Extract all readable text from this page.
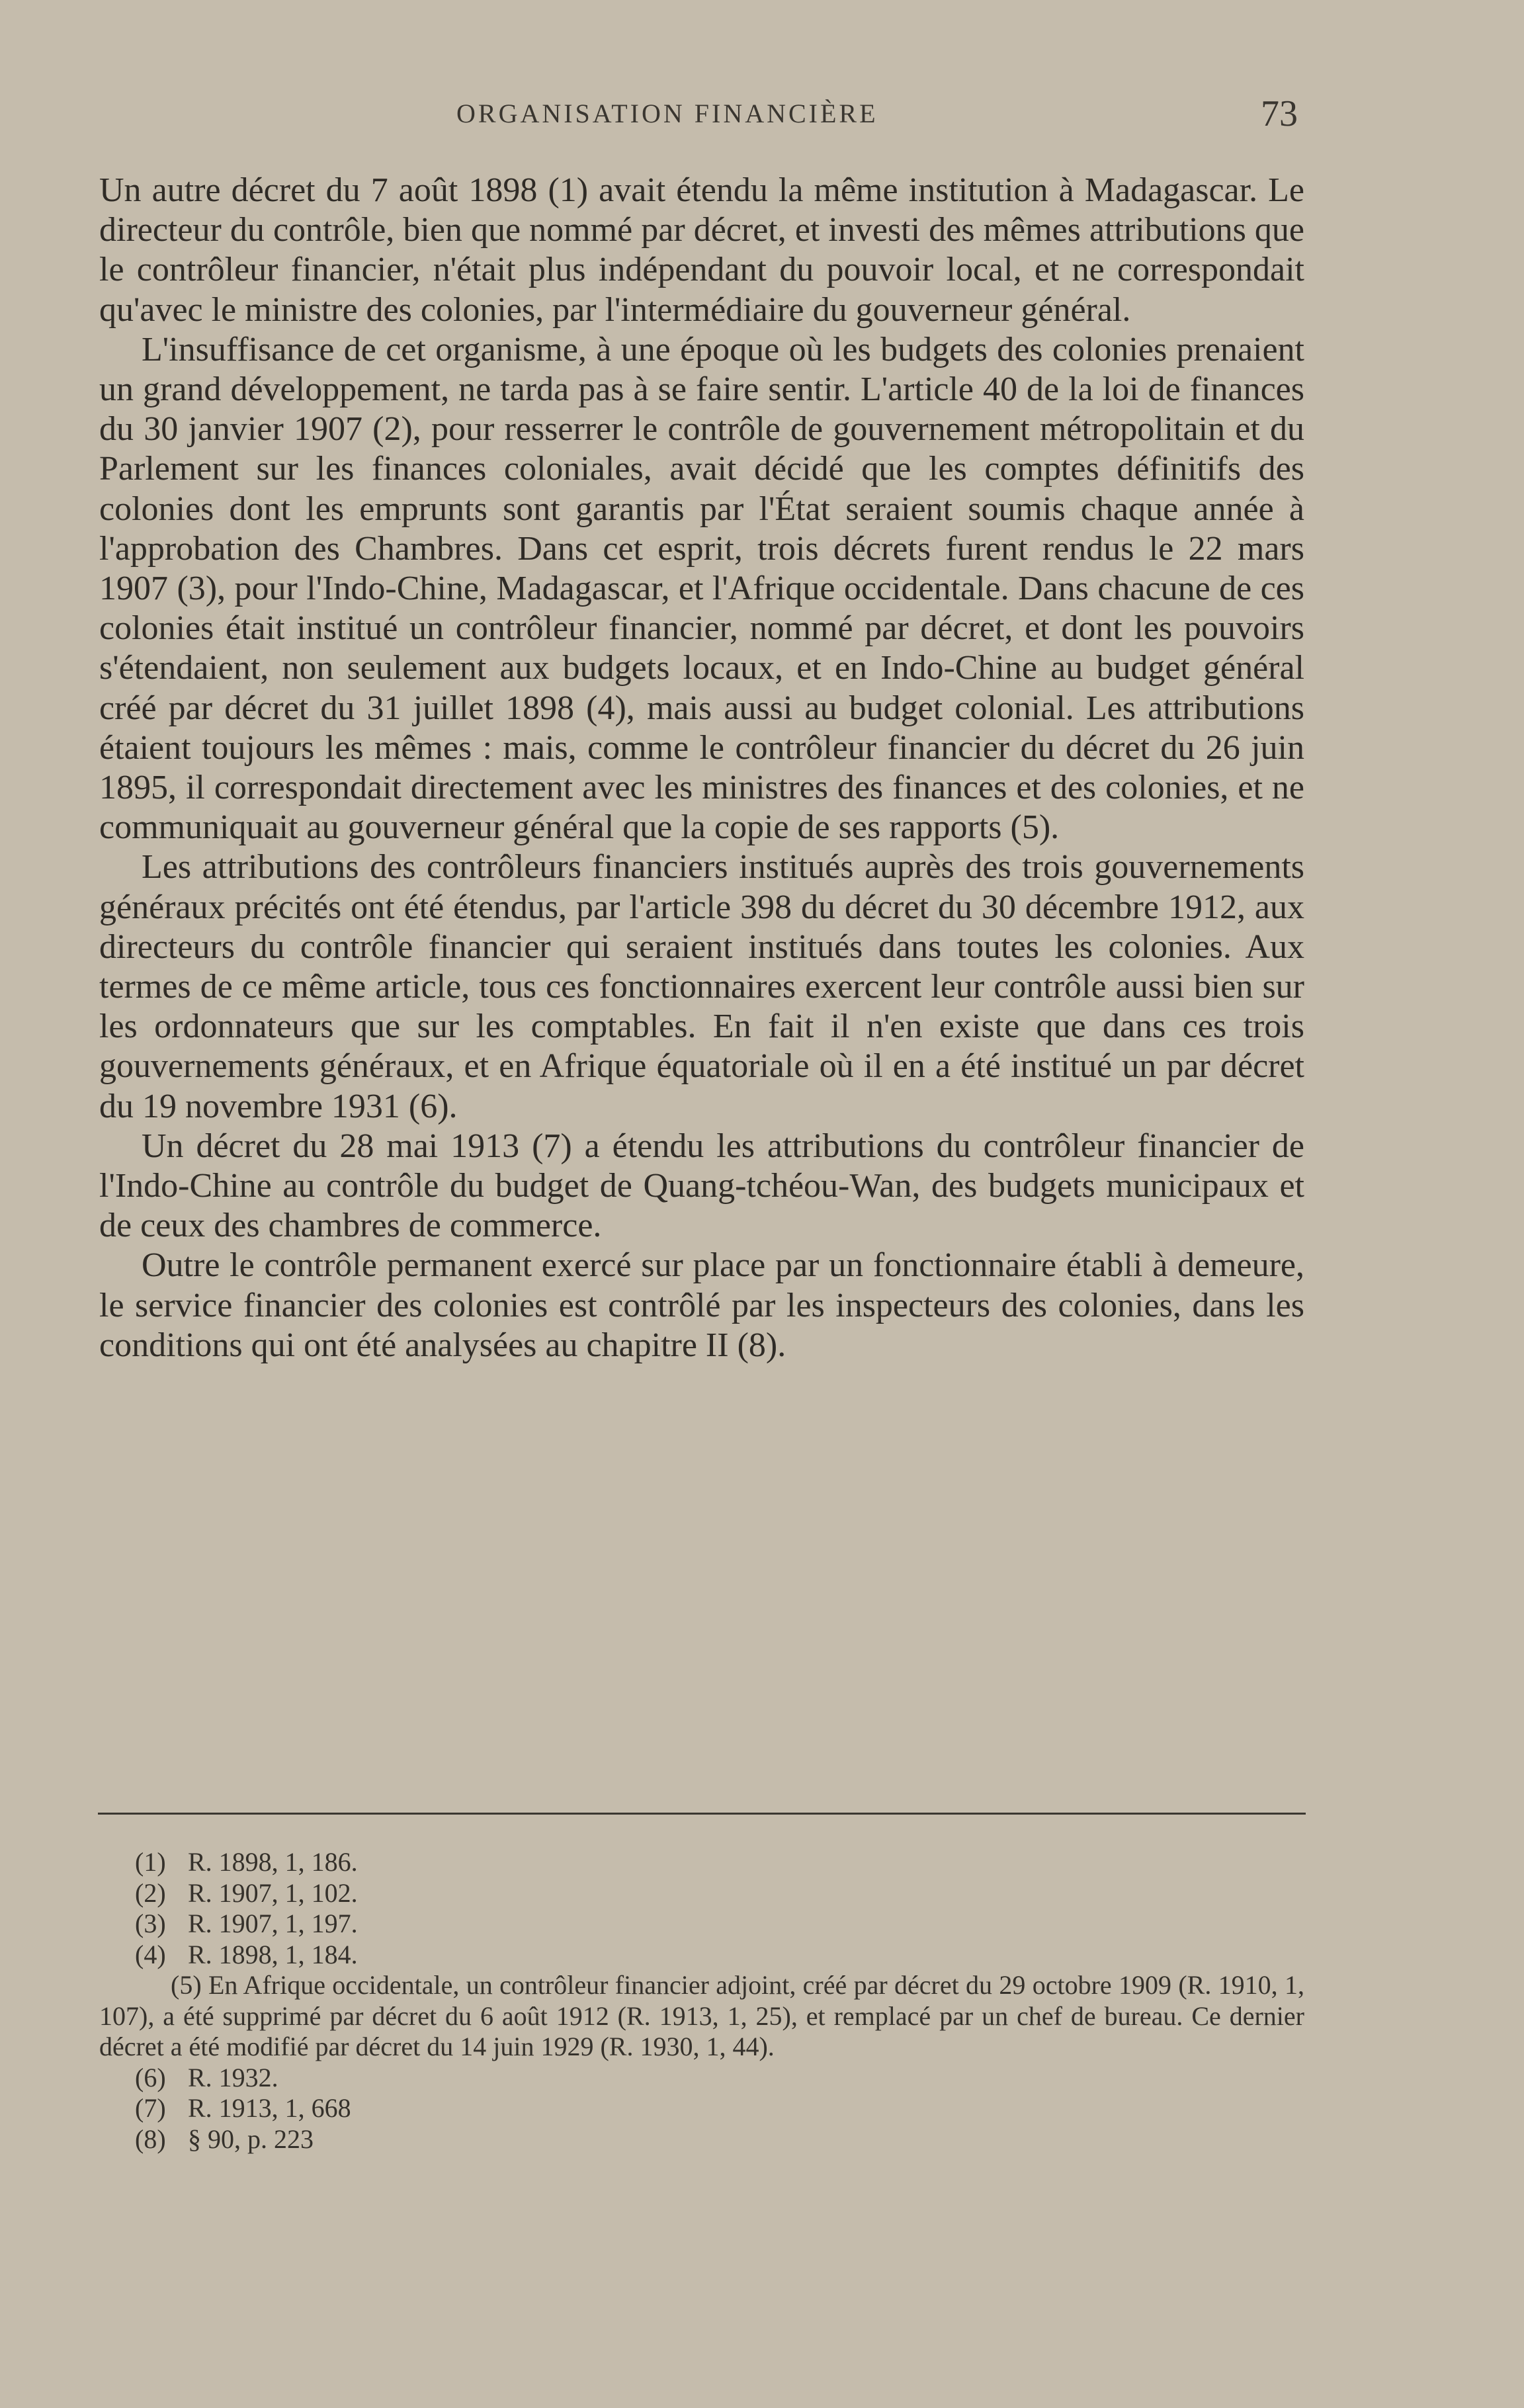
ORGANISATION FINANCIÈRE	73

Un autre décret du 7 août 1898 (1) avait étendu la même institution à Madagascar. Le directeur du contrôle, bien que nommé par décret, et investi des mêmes attributions que le contrôleur financier, n'était plus indépendant du pouvoir local, et ne correspondait qu'avec le ministre des colonies, par l'intermédiaire du gouverneur général.

L'insuffisance de cet organisme, à une époque où les budgets des colonies prenaient un grand développement, ne tarda pas à se faire sentir. L'article 40 de la loi de finances du 30 janvier 1907 (2), pour resserrer le contrôle de gouvernement métropolitain et du Parlement sur les finances coloniales, avait décidé que les comptes définitifs des colonies dont les emprunts sont garantis par l'État seraient soumis chaque année à l'approbation des Chambres. Dans cet esprit, trois décrets furent rendus le 22 mars 1907 (3), pour l'Indo-Chine, Madagascar, et l'Afrique occidentale. Dans chacune de ces colonies était institué un contrôleur financier, nommé par décret, et dont les pouvoirs s'étendaient, non seulement aux budgets locaux, et en Indo-Chine au budget général créé par décret du 31 juillet 1898 (4), mais aussi au budget colonial. Les attributions étaient toujours les mêmes : mais, comme le contrôleur financier du décret du 26 juin 1895, il correspondait directement avec les ministres des finances et des colonies, et ne communiquait au gouverneur général que la copie de ses rapports (5).

Les attributions des contrôleurs financiers institués auprès des trois gouvernements généraux précités ont été étendus, par l'article 398 du décret du 30 décembre 1912, aux directeurs du contrôle financier qui seraient institués dans toutes les colonies. Aux termes de ce même article, tous ces fonctionnaires exercent leur contrôle aussi bien sur les ordonnateurs que sur les comptables. En fait il n'en existe que dans ces trois gouvernements généraux, et en Afrique équatoriale où il en a été institué un par décret du 19 novembre 1931 (6).

Un décret du 28 mai 1913 (7) a étendu les attributions du contrôleur financier de l'Indo-Chine au contrôle du budget de Quang-tchéou-Wan, des budgets municipaux et de ceux des chambres de commerce.

Outre le contrôle permanent exercé sur place par un fonctionnaire établi à demeure, le service financier des colonies est contrôlé par les inspecteurs des colonies, dans les conditions qui ont été analysées au chapitre II (8).

(1) R. 1898, 1, 186.

(2) R. 1907, 1, 102.

(3) R. 1907, 1, 197.

(4) R. 1898, 1, 184.

(5) En Afrique occidentale, un contrôleur financier adjoint, créé par décret du 29 octobre 1909 (R. 1910, 1, 107), a été supprimé par décret du 6 août 1912 (R. 1913, 1, 25), et remplacé par un chef de bureau. Ce dernier décret a été modifié par décret du 14 juin 1929 (R. 1930, 1, 44).

(6) R. 1932.

(7) R. 1913, 1, 668

(8) § 90, p. 223
